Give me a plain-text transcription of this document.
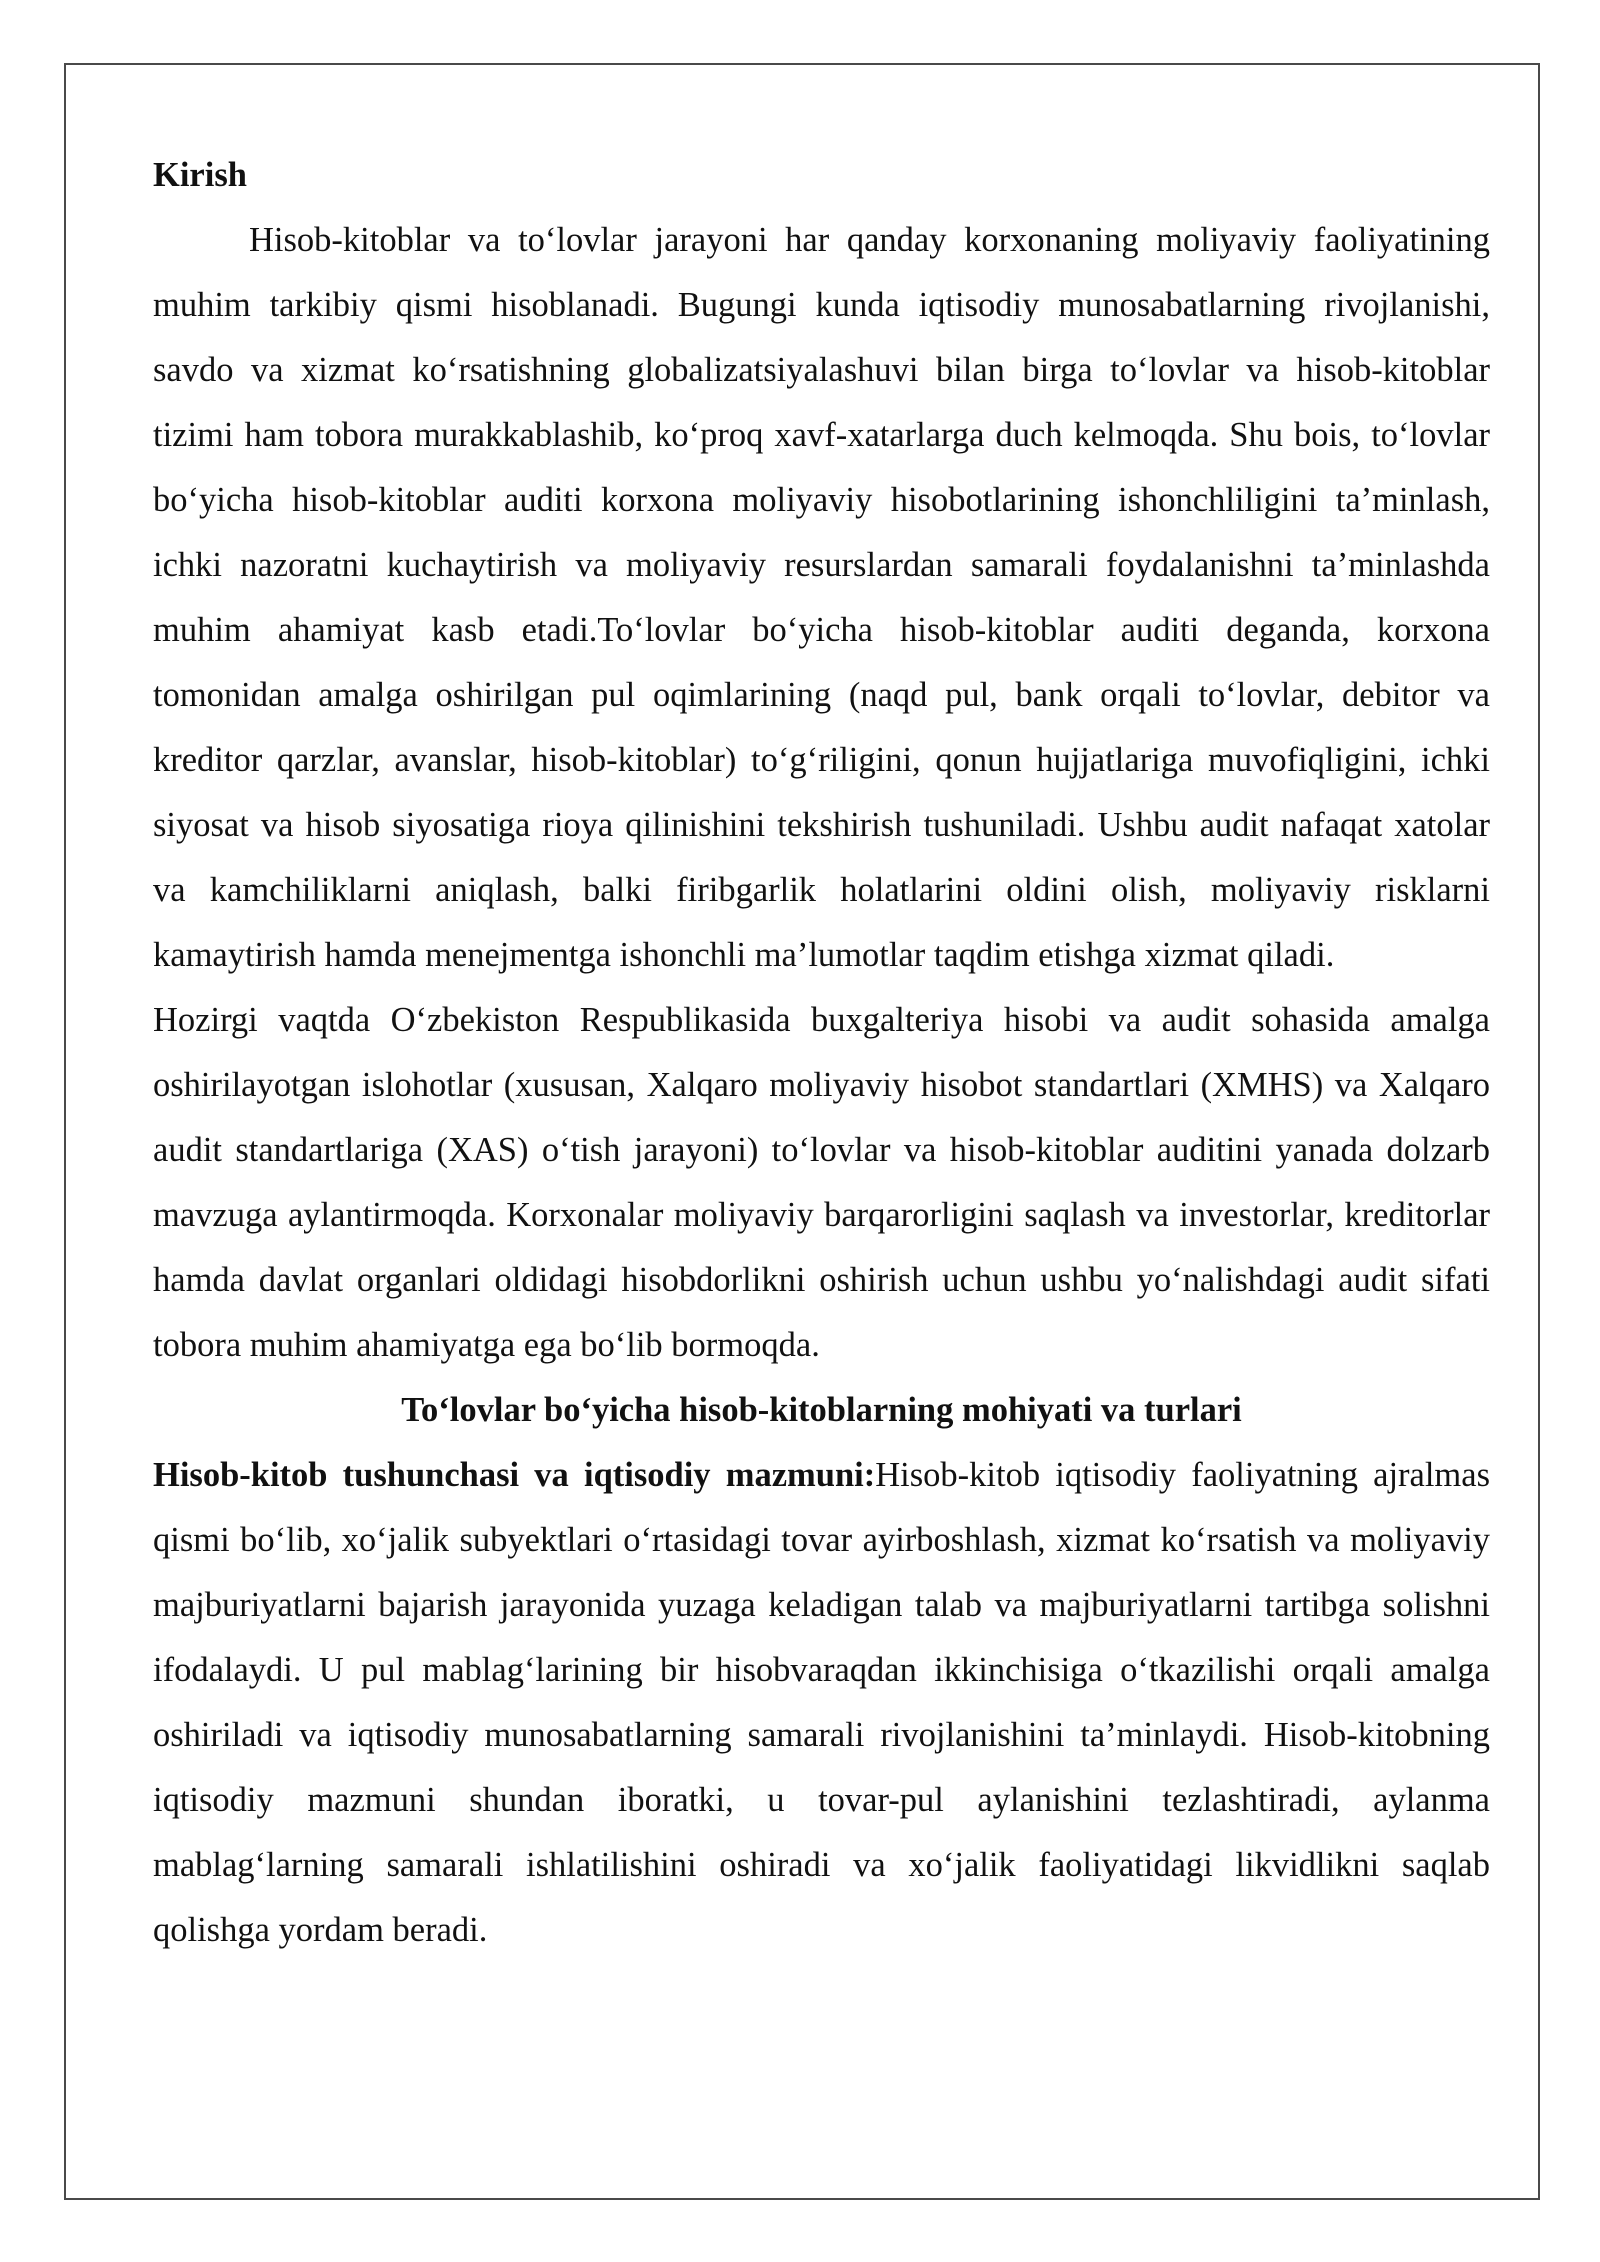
Kirish

Hisob-kitoblar va to‘lovlar jarayoni har qanday korxonaning moliyaviy faoliyatining muhim tarkibiy qismi hisoblanadi. Bugungi kunda iqtisodiy munosabatlarning rivojlanishi, savdo va xizmat ko‘rsatishning globalizatsiyalashuvi bilan birga to‘lovlar va hisob-kitoblar tizimi ham tobora murakkablashib, ko‘proq xavf-xatarlarga duch kelmoqda. Shu bois, to‘lovlar bo‘yicha hisob-kitoblar auditi korxona moliyaviy hisobotlarining ishonchliligini ta’minlash, ichki nazoratni kuchaytirish va moliyaviy resurslardan samarali foydalanishni ta’minlashda muhim ahamiyat kasb etadi.To‘lovlar bo‘yicha hisob-kitoblar auditi deganda, korxona tomonidan amalga oshirilgan pul oqimlarining (naqd pul, bank orqali to‘lovlar, debitor va kreditor qarzlar, avanslar, hisob-kitoblar) to‘g‘riligini, qonun hujjatlariga muvofiqligini, ichki siyosat va hisob siyosatiga rioya qilinishini tekshirish tushuniladi. Ushbu audit nafaqat xatolar va kamchiliklarni aniqlash, balki firibgarlik holatlarini oldini olish, moliyaviy risklarni kamaytirish hamda menejmentga ishonchli ma’lumotlar taqdim etishga xizmat qiladi.

Hozirgi vaqtda O‘zbekiston Respublikasida buxgalteriya hisobi va audit sohasida amalga oshirilayotgan islohotlar (xususan, Xalqaro moliyaviy hisobot standartlari (XMHS) va Xalqaro audit standartlariga (XAS) o‘tish jarayoni) to‘lovlar va hisob-kitoblar auditini yanada dolzarb mavzuga aylantirmoqda. Korxonalar moliyaviy barqarorligini saqlash va investorlar, kreditorlar hamda davlat organlari oldidagi hisobdorlikni oshirish uchun ushbu yo‘nalishdagi audit sifati tobora muhim ahamiyatga ega bo‘lib bormoqda.

To‘lovlar bo‘yicha hisob-kitoblarning mohiyati va turlari

Hisob-kitob tushunchasi va iqtisodiy mazmuni:Hisob-kitob iqtisodiy faoliyatning ajralmas qismi bo‘lib, xo‘jalik subyektlari o‘rtasidagi tovar ayirboshlash, xizmat ko‘rsatish va moliyaviy majburiyatlarni bajarish jarayonida yuzaga keladigan talab va majburiyatlarni tartibga solishni ifodalaydi. U pul mablag‘larining bir hisobvaraqdan ikkinchisiga o‘tkazilishi orqali amalga oshiriladi va iqtisodiy munosabatlarning samarali rivojlanishini ta’minlaydi. Hisob-kitobning iqtisodiy mazmuni shundan iboratki, u tovar-pul aylanishini tezlashtiradi, aylanma mablag‘larning samarali ishlatilishini oshiradi va xo‘jalik faoliyatidagi likvidlikni saqlab qolishga yordam beradi.
